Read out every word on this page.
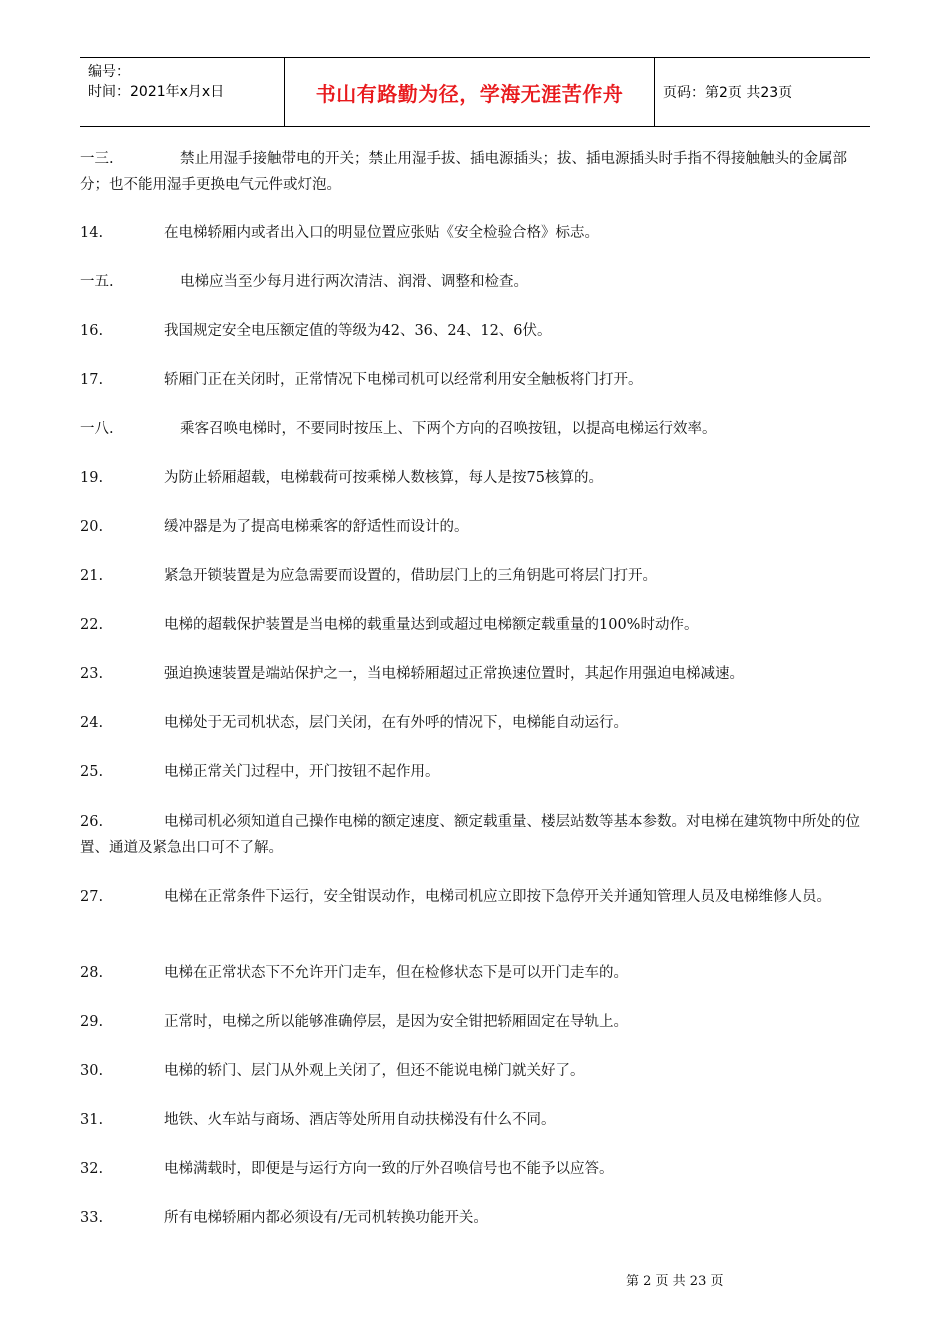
编号：
时间：2021年x月x日	书山有路勤为径，学海无涯苦作舟	页码：第2页 共23页
一三.	禁止用湿手接触带电的开关；禁止用湿手拔、插电源插头；拔、插电源插头时手指不得接触触头的金属部分；也不能用湿手更换电气元件或灯泡。
14.	在电梯轿厢内或者出入口的明显位置应张贴《安全检验合格》标志。
一五.	电梯应当至少每月进行两次清洁、润滑、调整和检查。
16.	我国规定安全电压额定值的等级为42、36、24、12、6伏。
17.	轿厢门正在关闭时，正常情况下电梯司机可以经常利用安全触板将门打开。
一八.	乘客召唤电梯时，不要同时按压上、下两个方向的召唤按钮，以提高电梯运行效率。
19.	为防止轿厢超载，电梯载荷可按乘梯人数核算，每人是按75核算的。
20.	缓冲器是为了提高电梯乘客的舒适性而设计的。
21.	紧急开锁装置是为应急需要而设置的，借助层门上的三角钥匙可将层门打开。
22.	电梯的超载保护装置是当电梯的载重量达到或超过电梯额定载重量的100%时动作。
23.	强迫换速装置是端站保护之一，当电梯轿厢超过正常换速位置时，其起作用强迫电梯减速。
24.	电梯处于无司机状态，层门关闭，在有外呼的情况下，电梯能自动运行。
25.	电梯正常关门过程中，开门按钮不起作用。
26.	电梯司机必须知道自己操作电梯的额定速度、额定载重量、楼层站数等基本参数。对电梯在建筑物中所处的位置、通道及紧急出口可不了解。
27.	电梯在正常条件下运行，安全钳误动作，电梯司机应立即按下急停开关并通知管理人员及电梯维修人员。
28.	电梯在正常状态下不允许开门走车，但在检修状态下是可以开门走车的。
29.	正常时，电梯之所以能够准确停层，是因为安全钳把轿厢固定在导轨上。
30.	电梯的轿门、层门从外观上关闭了，但还不能说电梯门就关好了。
31.	地铁、火车站与商场、酒店等处所用自动扶梯没有什么不同。
32.	电梯满载时，即便是与运行方向一致的厅外召唤信号也不能予以应答。
33.	所有电梯轿厢内都必须设有/无司机转换功能开关。
第 2 页 共 23 页
